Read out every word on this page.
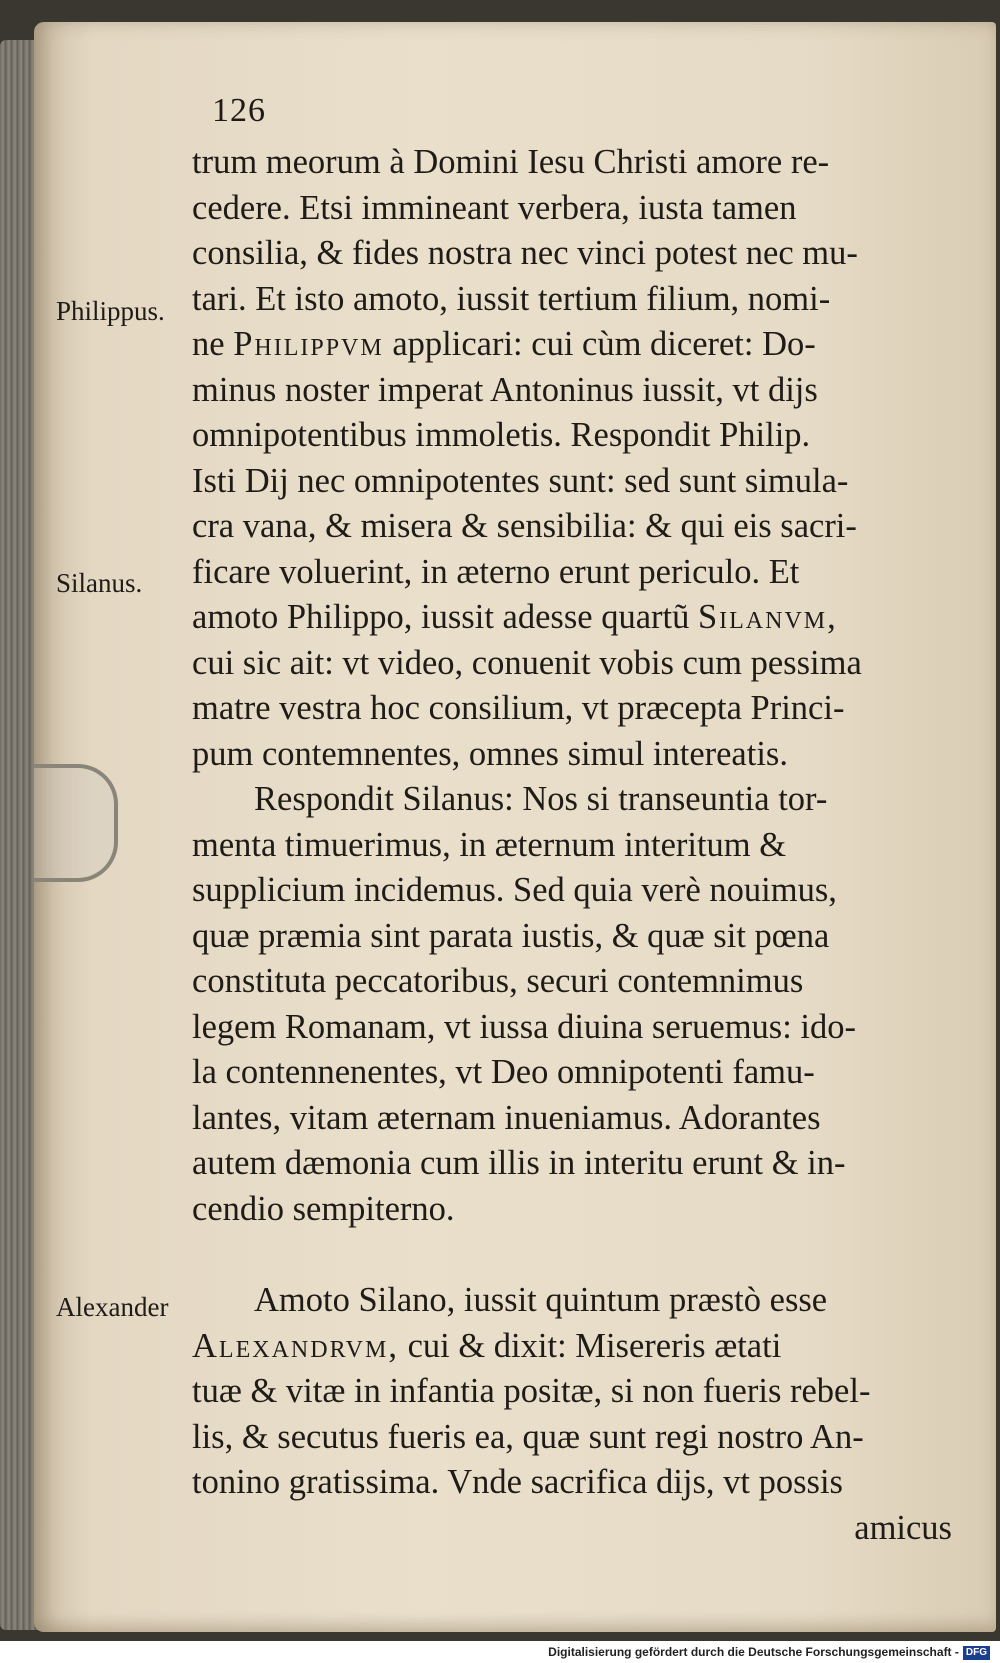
126
Philippus.
Silanus.
Alexander
trum meorum à Domini Iesu Christi amore re-
cedere. Etsi immineant verbera, iusta tamen
consilia, & fides nostra nec vinci potest nec mu-
tari. Et isto amoto, iussit tertium filium, nomi-
ne Philippvm applicari: cui cùm diceret: Do-
minus noster imperat Antoninus iussit, vt dijs
omnipotentibus immoletis. Respondit Philip.
Isti Dij nec omnipotentes sunt: sed sunt simula-
cra vana, & misera & sensibilia: & qui eis sacri-
ficare voluerint, in æterno erunt periculo. Et
amoto Philippo, iussit adesse quartũ Silanvm,
cui sic ait: vt video, conuenit vobis cum pessima
matre vestra hoc consilium, vt præcepta Princi-
pum contemnentes, omnes simul intereatis.
Respondit Silanus: Nos si transeuntia tor-
menta timuerimus, in æternum interitum &
supplicium incidemus. Sed quia verè nouimus,
quæ præmia sint parata iustis, & quæ sit pœna
constituta peccatoribus, securi contemnimus
legem Romanam, vt iussa diuina seruemus: ido-
la contennenentes, vt Deo omnipotenti famu-
lantes, vitam æternam inueniamus. Adorantes
autem dæmonia cum illis in interitu erunt & in-
cendio sempiterno.
Amoto Silano, iussit quintum præstò esse
Alexandrvm, cui & dixit: Misereris ætati
tuæ & vitæ in infantia positæ, si non fueris rebel-
lis, & secutus fueris ea, quæ sunt regi nostro An-
tonino gratissima. Vnde sacrifica dijs, vt possis
amicus
Digitalisierung gefördert durch die Deutsche Forschungsgemeinschaft - DFG
